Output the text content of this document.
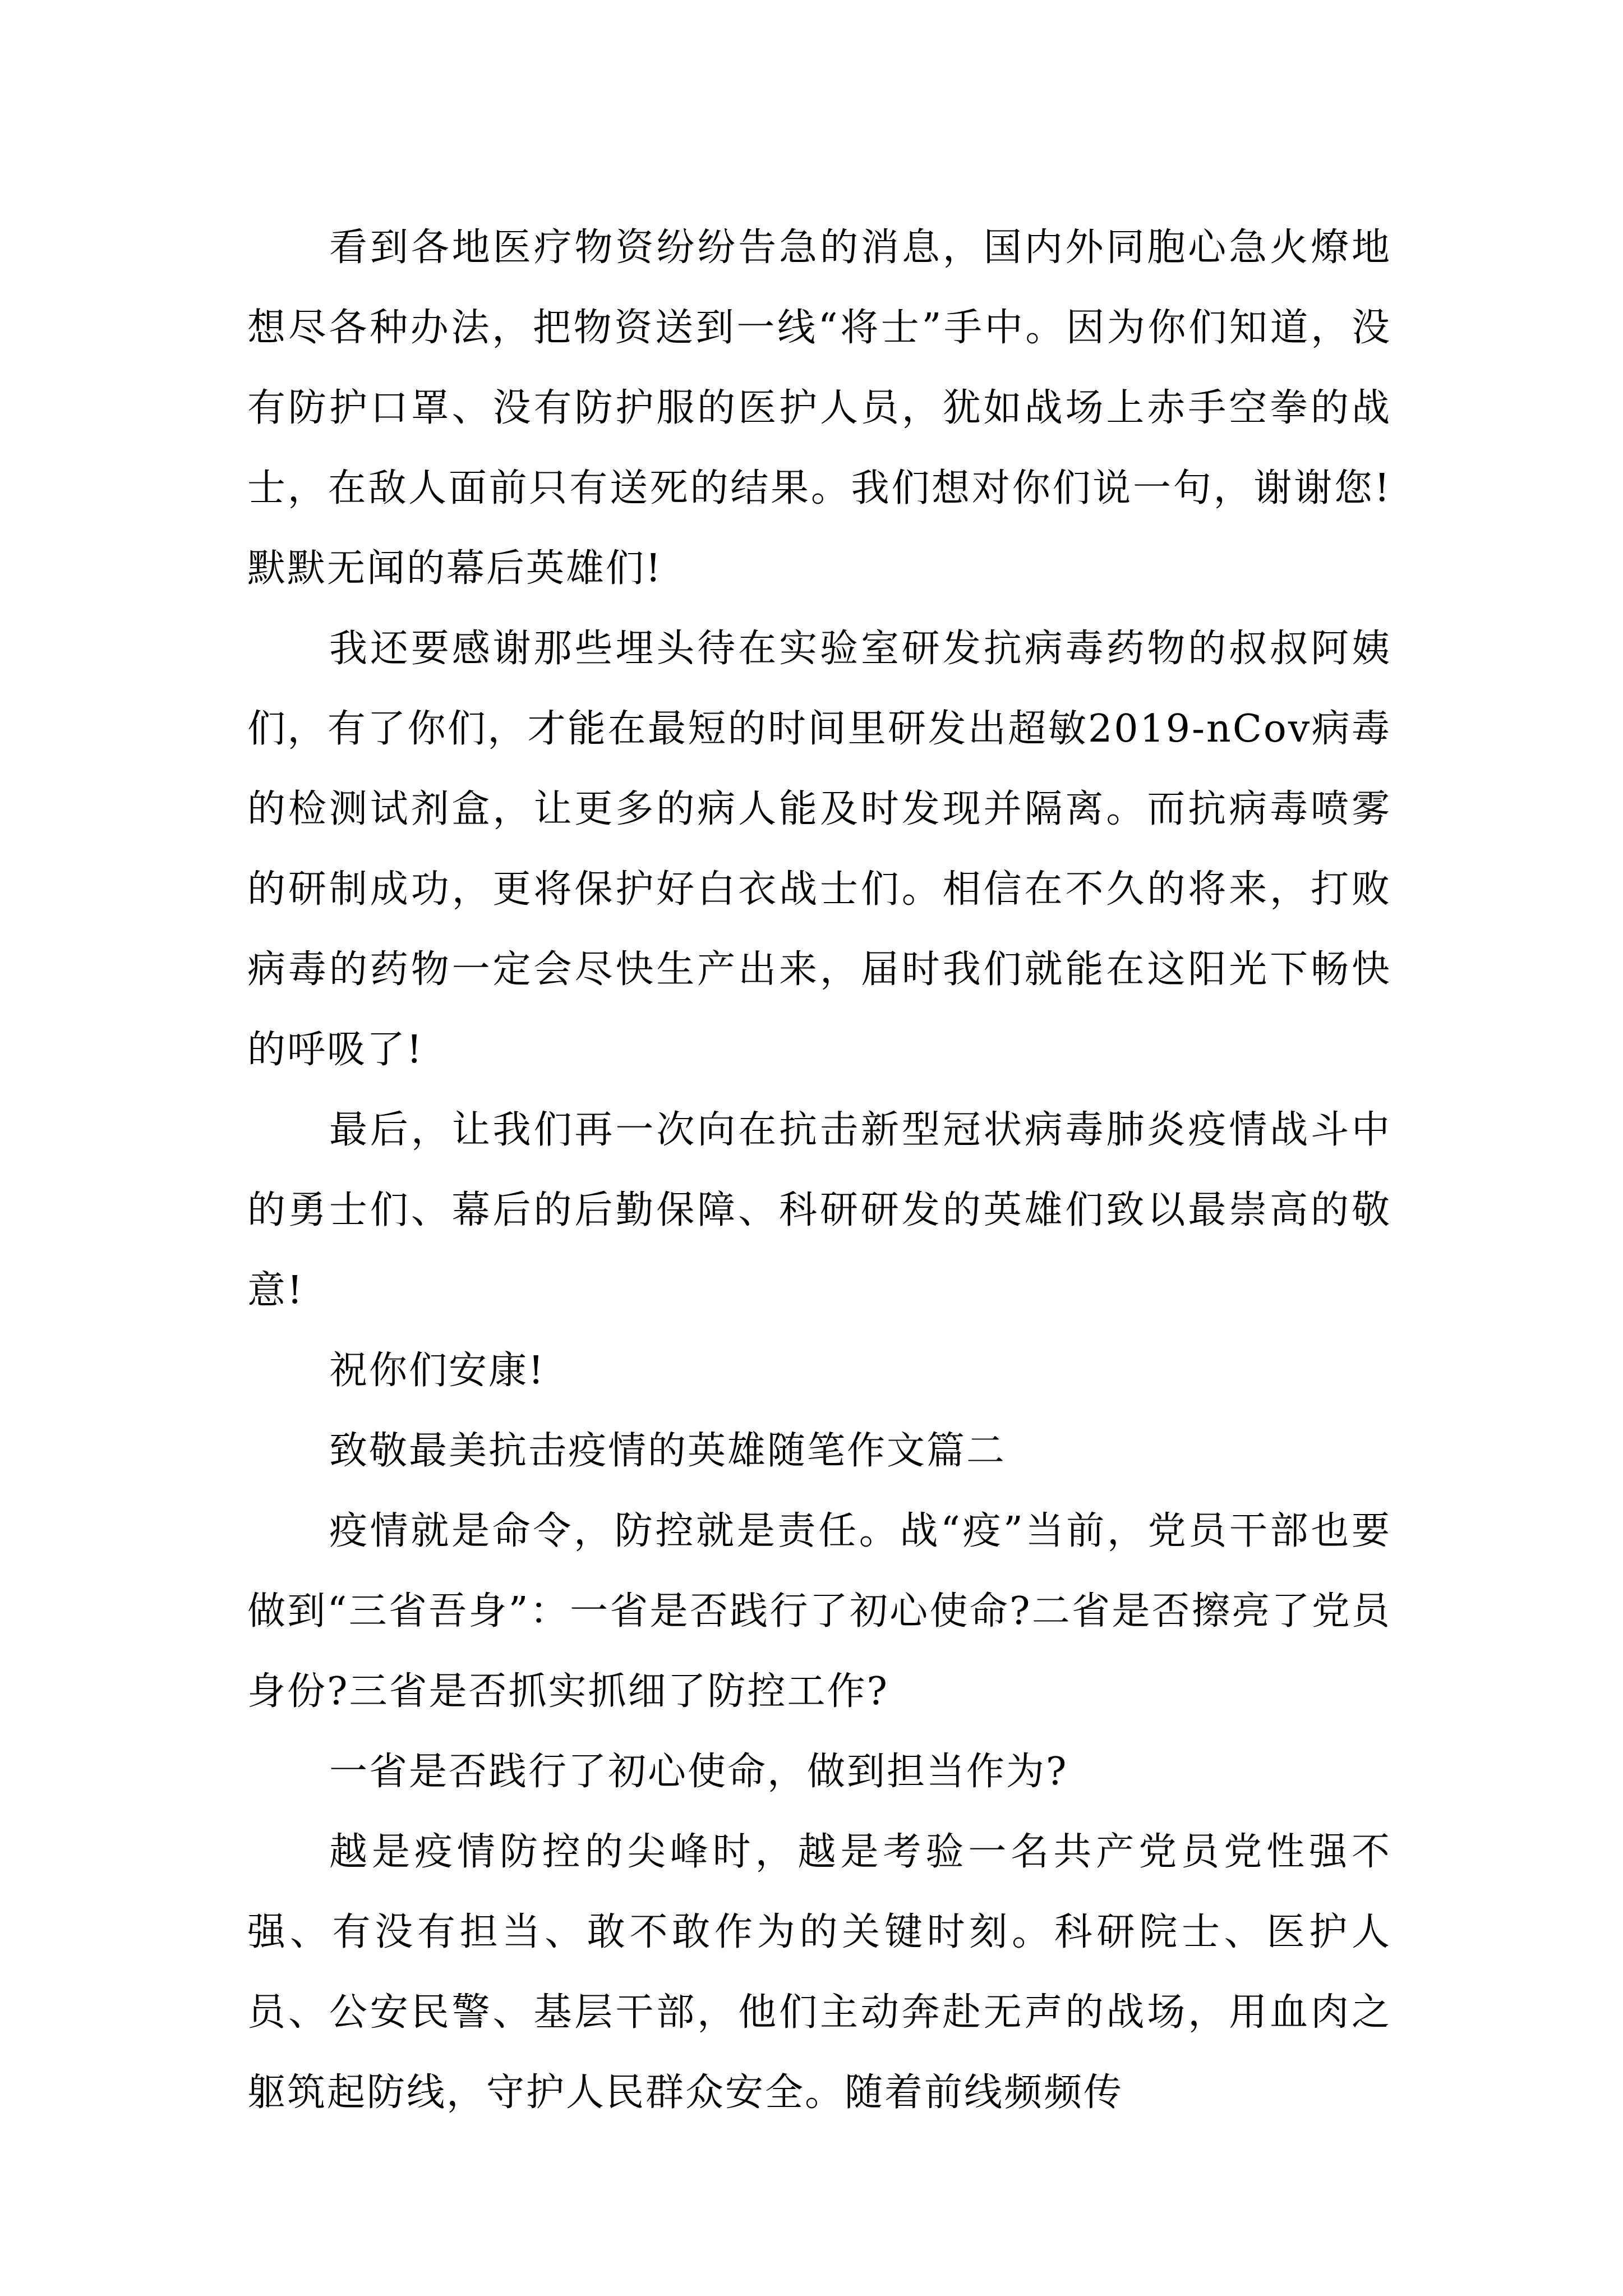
看到各地医疗物资纷纷告急的消息，国内外同胞心急火燎地想尽各种办法，把物资送到一线“将士”手中。因为你们知道，没有防护口罩、没有防护服的医护人员，犹如战场上赤手空拳的战士，在敌人面前只有送死的结果。我们想对你们说一句，谢谢您!默默无闻的幕后英雄们!

我还要感谢那些埋头待在实验室研发抗病毒药物的叔叔阿姨们，有了你们，才能在最短的时间里研发出超敏2019-nCov病毒的检测试剂盒，让更多的病人能及时发现并隔离。而抗病毒喷雾的研制成功，更将保护好白衣战士们。相信在不久的将来，打败病毒的药物一定会尽快生产出来，届时我们就能在这阳光下畅快的呼吸了!

最后，让我们再一次向在抗击新型冠状病毒肺炎疫情战斗中的勇士们、幕后的后勤保障、科研研发的英雄们致以最崇高的敬意!

祝你们安康!

致敬最美抗击疫情的英雄随笔作文篇二

疫情就是命令，防控就是责任。战“疫”当前，党员干部也要做到“三省吾身”：一省是否践行了初心使命?二省是否擦亮了党员身份?三省是否抓实抓细了防控工作?

一省是否践行了初心使命，做到担当作为?

越是疫情防控的尖峰时，越是考验一名共产党员党性强不强、有没有担当、敢不敢作为的关键时刻。科研院士、医护人员、公安民警、基层干部，他们主动奔赴无声的战场，用血肉之躯筑起防线，守护人民群众安全。随着前线频频传
